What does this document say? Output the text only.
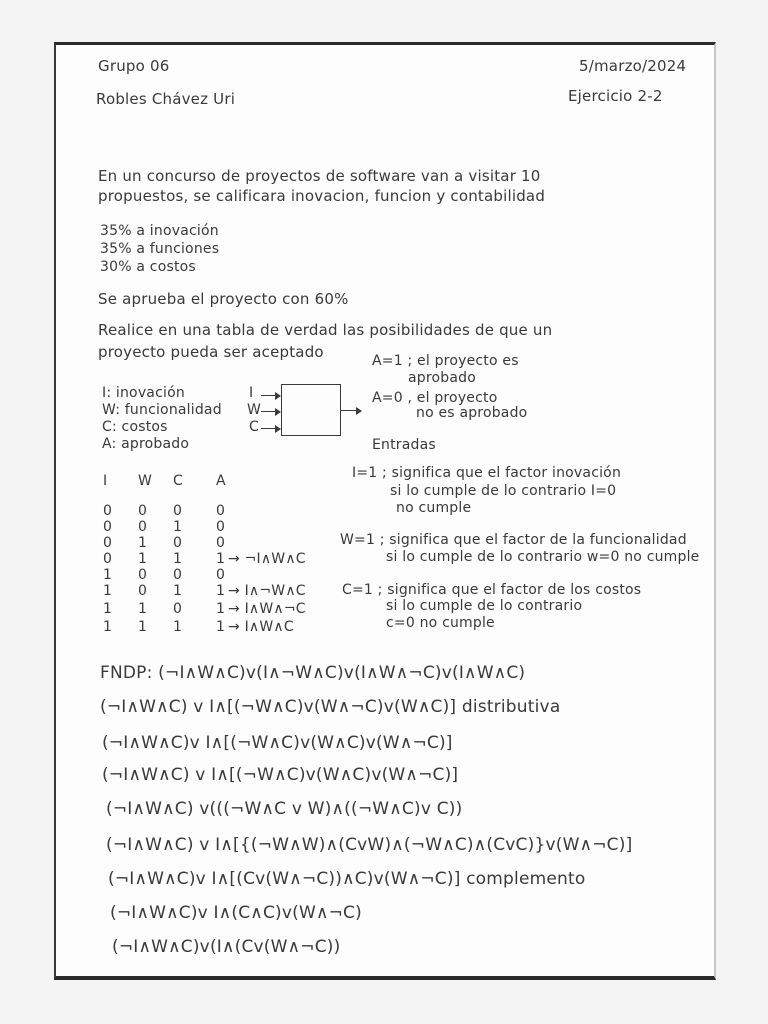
Grupo 06	5/marzo/2024
Robles Chávez Uri	Ejercicio 2-2
En un concurso de proyectos de software van a visitar 10
propuestos, se calificara inovacion, funcion y contabilidad
35% a inovación
35% a funciones
30% a costos
Se aprueba el proyecto con 60%
Realice en una tabla de verdad las posibilidades de que un
proyecto pueda ser aceptado
I: inovación
W: funcionalidad
C: costos
A: aprobado
I
W
C
A=1 ; el proyecto es
aprobado
A=0 , el proyecto
no es aprobado
Entradas
I W C A
0 0 0 0
0 0 1 0
0 1 0 0
0 1 1 1 → ¬I∧W∧C
1 0 0 0
1 0 1 1 → I∧¬W∧C
1 1 0 1 → I∧W∧¬C
1 1 1 1 → I∧W∧C
I=1 ; significa que el factor inovación
si lo cumple de lo contrario I=0
no cumple
W=1 ; significa que el factor de la funcionalidad
si lo cumple de lo contrario w=0 no cumple
C=1 ; significa que el factor de los costos
si lo cumple de lo contrario
c=0 no cumple
FNDP: (¬I∧W∧C)v(I∧¬W∧C)v(I∧W∧¬C)v(I∧W∧C)
(¬I∧W∧C) v I∧[(¬W∧C)v(W∧¬C)v(W∧C)] distributiva
(¬I∧W∧C)v I∧[(¬W∧C)v(W∧C)v(W∧¬C)]
(¬I∧W∧C) v I∧[(¬W∧C)v(W∧C)v(W∧¬C)]
(¬I∧W∧C) v(((¬W∧C v W)∧((¬W∧C)v C))
(¬I∧W∧C) v I∧[{(¬W∧W)∧(CvW)∧(¬W∧C)∧(CvC)}v(W∧¬C)]
(¬I∧W∧C)v I∧[(Cv(W∧¬C))∧C)v(W∧¬C)] complemento
(¬I∧W∧C)v I∧(C∧C)v(W∧¬C)
(¬I∧W∧C)v(I∧(Cv(W∧¬C))
